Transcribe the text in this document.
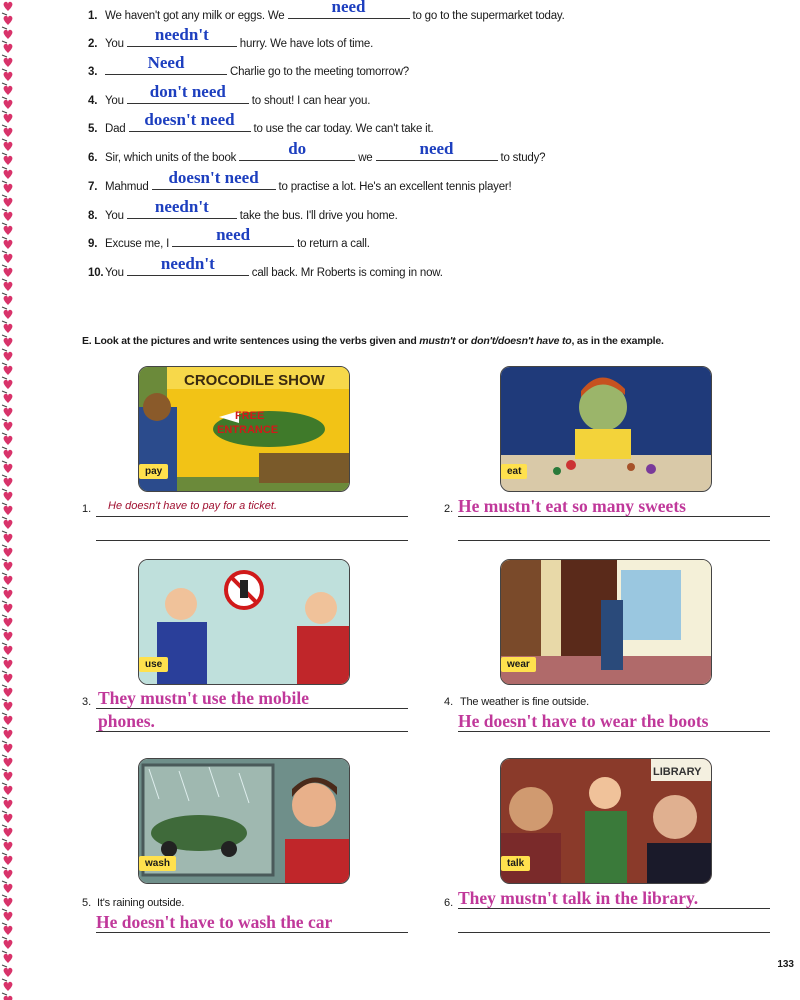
1. We haven't got any milk or eggs. We	need	to go to the supermarket today.
2. You	needn't	hurry. We have lots of time.
3.	Need	Charlie go to the meeting tomorrow?
4. You	don't need	to shout! I can hear you.
5. Dad doesn't need	to use the car today. We can't take it.
6. Sir, which units of the book	do	we	need	to study?
7. Mahmud doesn't need	to practise a lot. He's an excellent tennis player!
8. You	needn't	take the bus. I'll drive you home.
9. Excuse me, I	need	to return a call.
10. You	needn't	call back. Mr Roberts is coming in now.
E. Look at the pictures and write sentences using the verbs given and mustn't or don't/doesn't have to, as in the example.
CROCODILE SHOW
FREE
ENTRANCE
pay	eat
use	wear
wash
LIBRARY
talk
1. He doesn't have to pay for a ticket.	2. He mustn't eat so many sweets
3. They mustn't use the mobile
phones.
4. The weather is fine outside.
He doesn't have to wear the boots
5. It's raining outside.
He doesn't have to wash the car
6. They mustn't talk in the library.
133
